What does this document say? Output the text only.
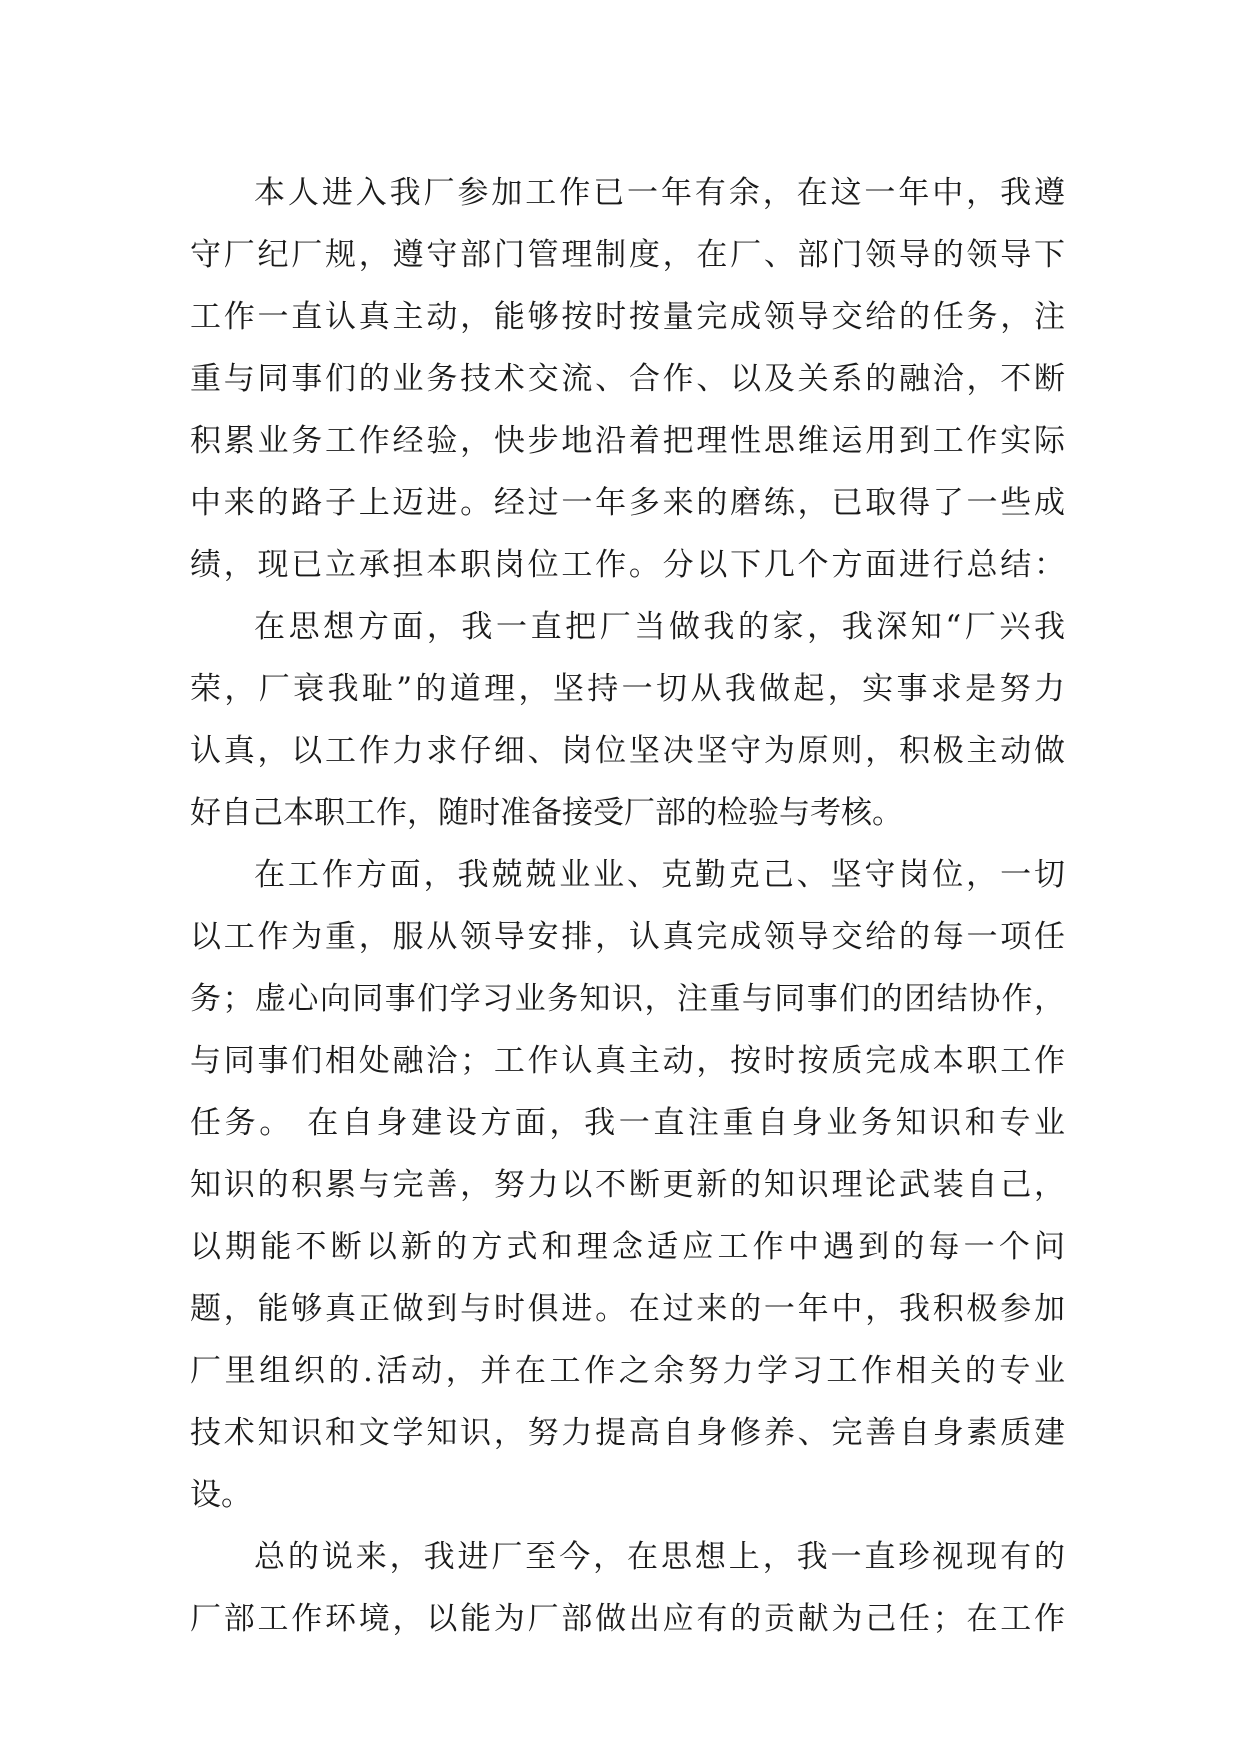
本人进入我厂参加工作已一年有余，在这一年中，我遵
守厂纪厂规，遵守部门管理制度，在厂、部门领导的领导下
工作一直认真主动，能够按时按量完成领导交给的任务，注
重与同事们的业务技术交流、合作、以及关系的融洽，不断
积累业务工作经验，快步地沿着把理性思维运用到工作实际
中来的路子上迈进。经过一年多来的磨练，已取得了一些成
绩，现已立承担本职岗位工作。分以下几个方面进行总结：
在思想方面，我一直把厂当做我的家，我深知“厂兴我
荣，厂衰我耻”的道理，坚持一切从我做起，实事求是努力
认真，以工作力求仔细、岗位坚决坚守为原则，积极主动做
好自己本职工作，随时准备接受厂部的检验与考核。
在工作方面，我兢兢业业、克勤克己、坚守岗位，一切
以工作为重，服从领导安排，认真完成领导交给的每一项任
务；虚心向同事们学习业务知识，注重与同事们的团结协作，
与同事们相处融洽；工作认真主动，按时按质完成本职工作
任务。 在自身建设方面，我一直注重自身业务知识和专业
知识的积累与完善，努力以不断更新的知识理论武装自己，
以期能不断以新的方式和理念适应工作中遇到的每一个问
题，能够真正做到与时俱进。在过来的一年中，我积极参加
厂里组织的.活动，并在工作之余努力学习工作相关的专业
技术知识和文学知识，努力提高自身修养、完善自身素质建
设。
总的说来，我进厂至今，在思想上，我一直珍视现有的
厂部工作环境，以能为厂部做出应有的贡献为己任；在工作
